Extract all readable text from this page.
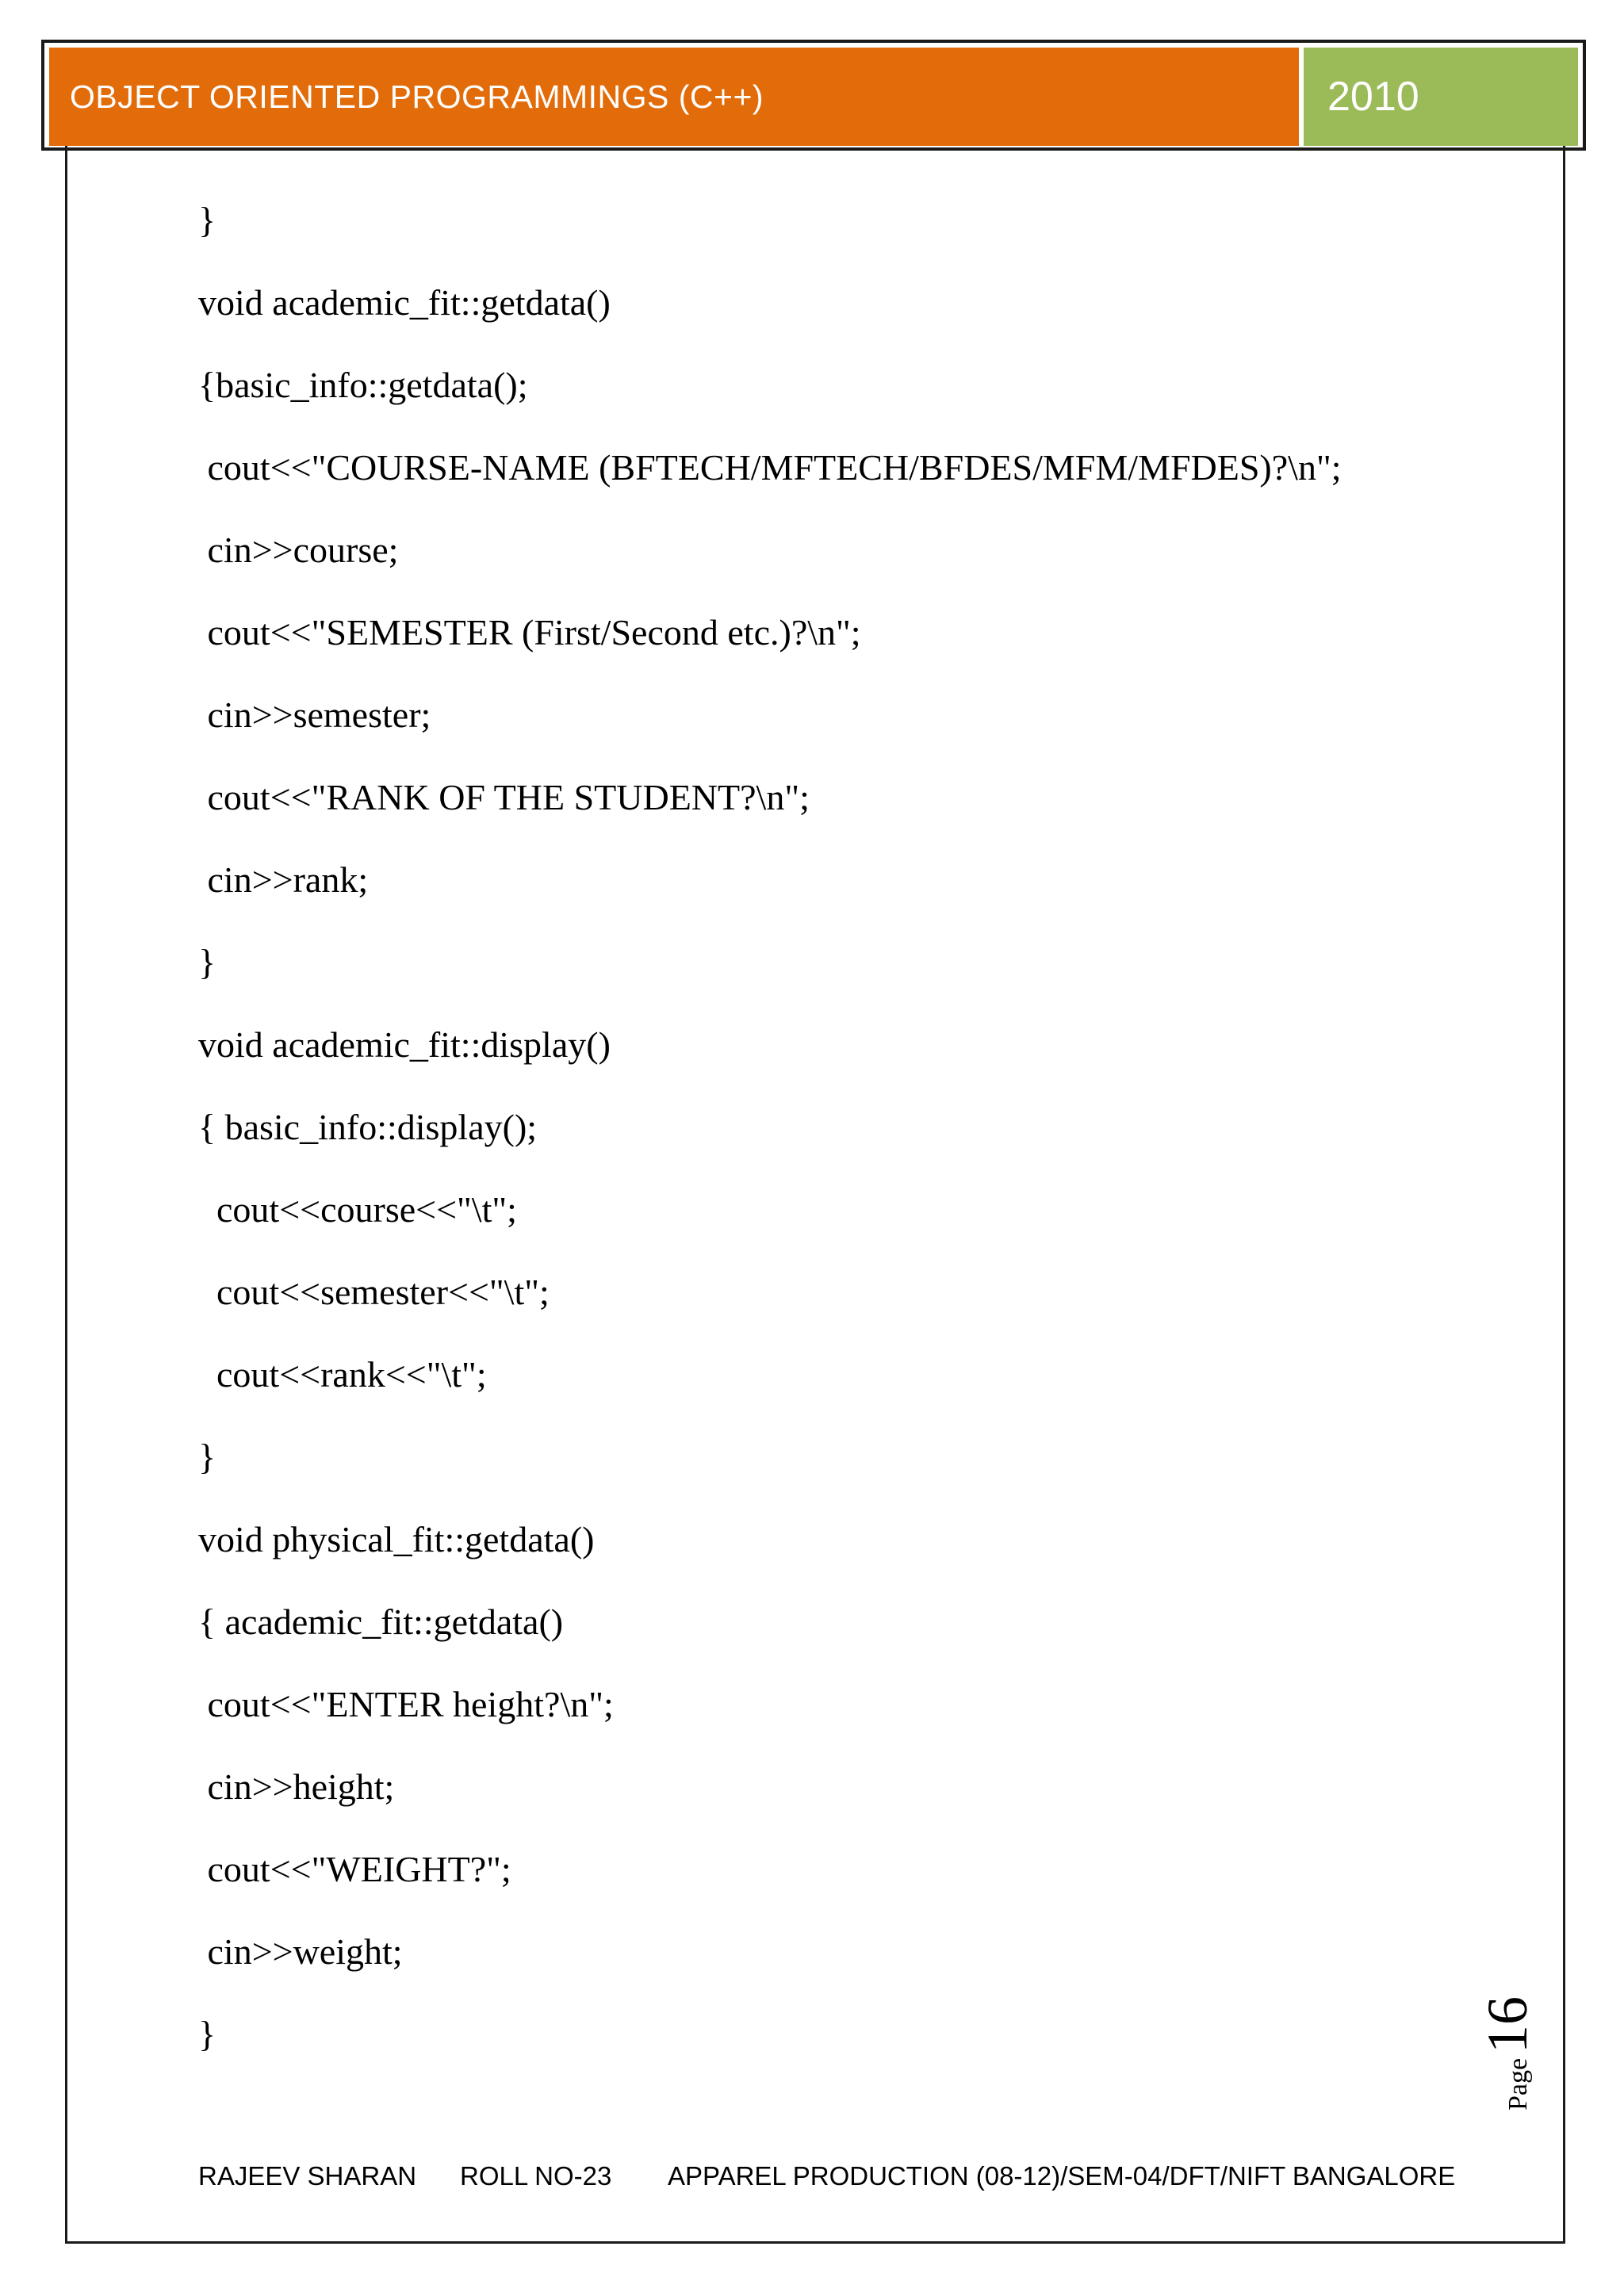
OBJECT ORIENTED PROGRAMMINGS (C++)	2010
}
void academic_fit::getdata()
{basic_info::getdata();
cout<<"COURSE-NAME (BFTECH/MFTECH/BFDES/MFM/MFDES)?\n";
cin>>course;
cout<<"SEMESTER (First/Second etc.)?\n";
cin>>semester;
cout<<"RANK OF THE STUDENT?\n";
cin>>rank;
}
void academic_fit::display()
{ basic_info::display();
cout<<course<<"\t";
cout<<semester<<"\t";
cout<<rank<<"\t";
}
void physical_fit::getdata()
{ academic_fit::getdata()
cout<<"ENTER height?\n";
cin>>height;
cout<<"WEIGHT?";
cin>>weight;
}
Page
16
RAJEEV SHARAN	ROLL NO-23	APPAREL PRODUCTION (08-12)/SEM-04/DFT/NIFT BANGALORE
